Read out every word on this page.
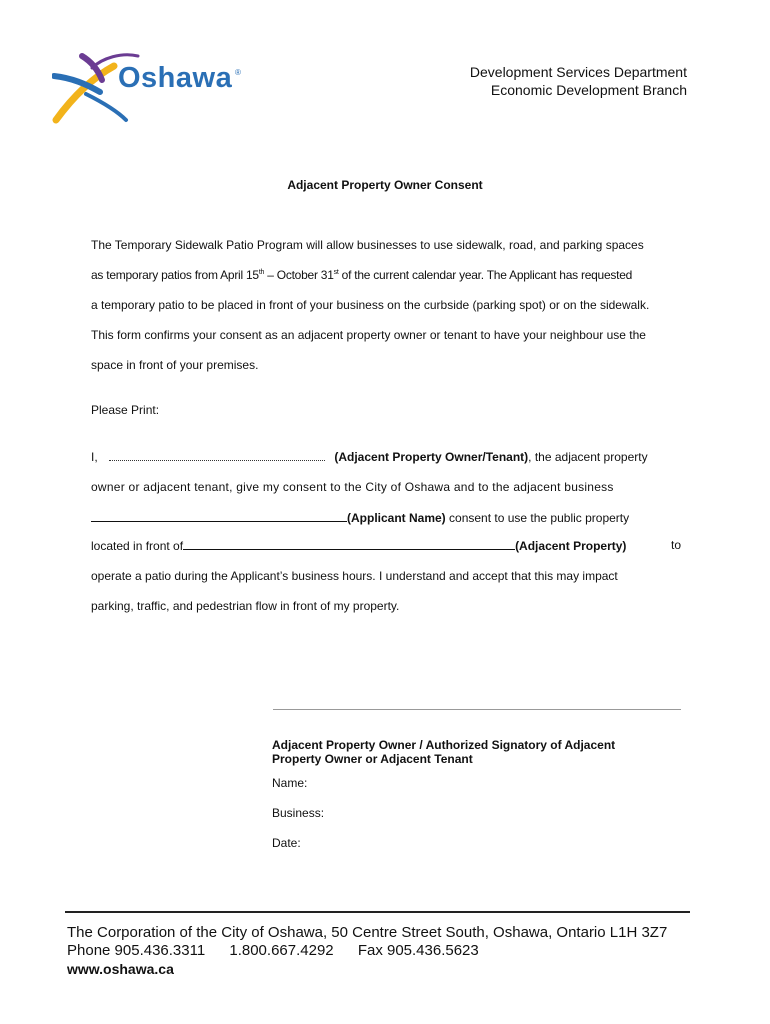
Oshawa ®	Development Services Department
Economic Development Branch
Adjacent Property Owner Consent
The Temporary Sidewalk Patio Program will allow businesses to use sidewalk, road, and parking spaces
as temporary patios from April 15th – October 31st of the current calendar year. The Applicant has requested
a temporary patio to be placed in front of your business on the curbside (parking spot) or on the sidewalk.
This form confirms your consent as an adjacent property owner or tenant to have your neighbour use the
space in front of your premises.
Please Print:
I,	(Adjacent Property Owner/Tenant), the adjacent property
owner or adjacent tenant, give my consent to the City of Oshawa and to the adjacent business
(Applicant Name) consent to use the public property
located in front of	(Adjacent Property)	to
operate a patio during the Applicant’s business hours. I understand and accept that this may impact
parking, traffic, and pedestrian flow in front of my property.
Adjacent Property Owner / Authorized Signatory of Adjacent
Property Owner or Adjacent Tenant
Name:
Business:
Date:
The Corporation of the City of Oshawa, 50 Centre Street South, Oshawa, Ontario L1H 3Z7
Phone 905.436.3311 1.800.667.4292 Fax 905.436.5623
www.oshawa.ca
